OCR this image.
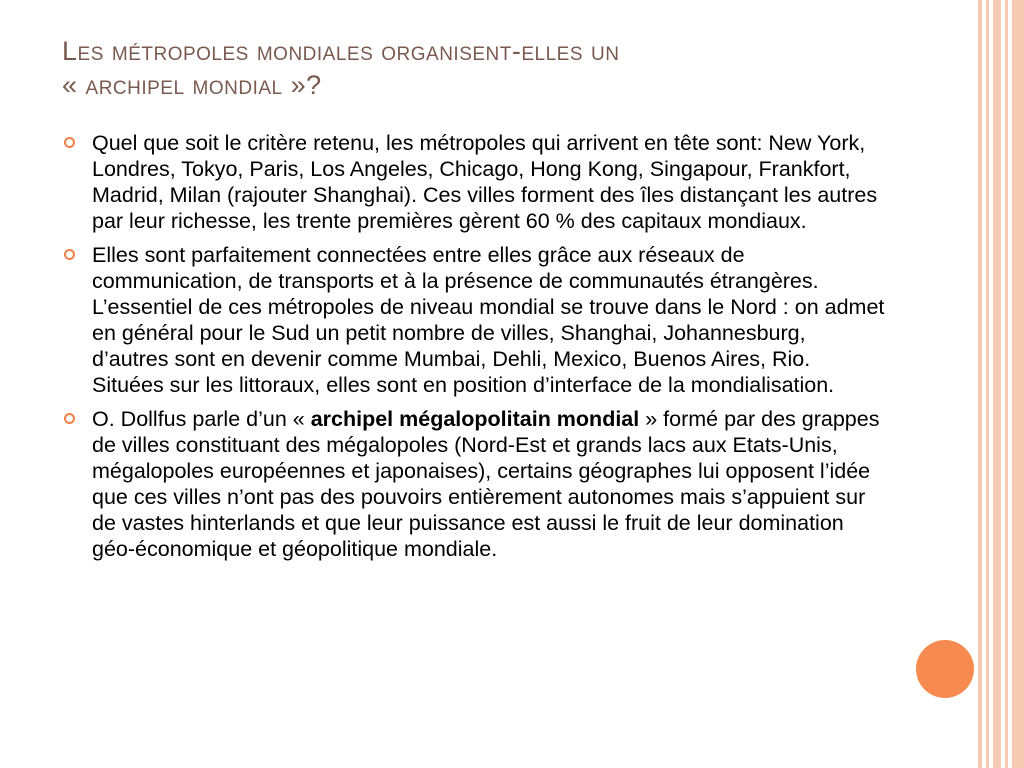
Les métropoles mondiales organisent-elles un
« archipel mondial »?
Quel que soit le critère retenu, les métropoles qui arrivent en tête sont: New York, Londres, Tokyo, Paris, Los Angeles, Chicago, Hong Kong, Singapour, Frankfort, Madrid, Milan (rajouter Shanghai). Ces villes forment des îles distançant les autres par leur richesse, les trente premières gèrent 60 % des capitaux mondiaux.
Elles sont parfaitement connectées entre elles grâce aux réseaux de communication, de transports et à la présence de communautés étrangères. L’essentiel de ces métropoles de niveau mondial se trouve dans le Nord : on admet en général pour le Sud un petit nombre de villes, Shanghai, Johannesburg, d’autres sont en devenir comme Mumbai, Dehli, Mexico, Buenos Aires, Rio. Situées sur les littoraux, elles sont en position d’interface de la mondialisation.
O. Dollfus parle d’un « archipel mégalopolitain mondial » formé par des grappes de villes constituant des mégalopoles (Nord-Est et grands lacs aux Etats-Unis, mégalopoles européennes et japonaises), certains géographes lui opposent l’idée que ces villes n’ont pas des pouvoirs entièrement autonomes mais s’appuient sur de vastes hinterlands et que leur puissance est aussi le fruit de leur domination géo-économique et géopolitique mondiale.
